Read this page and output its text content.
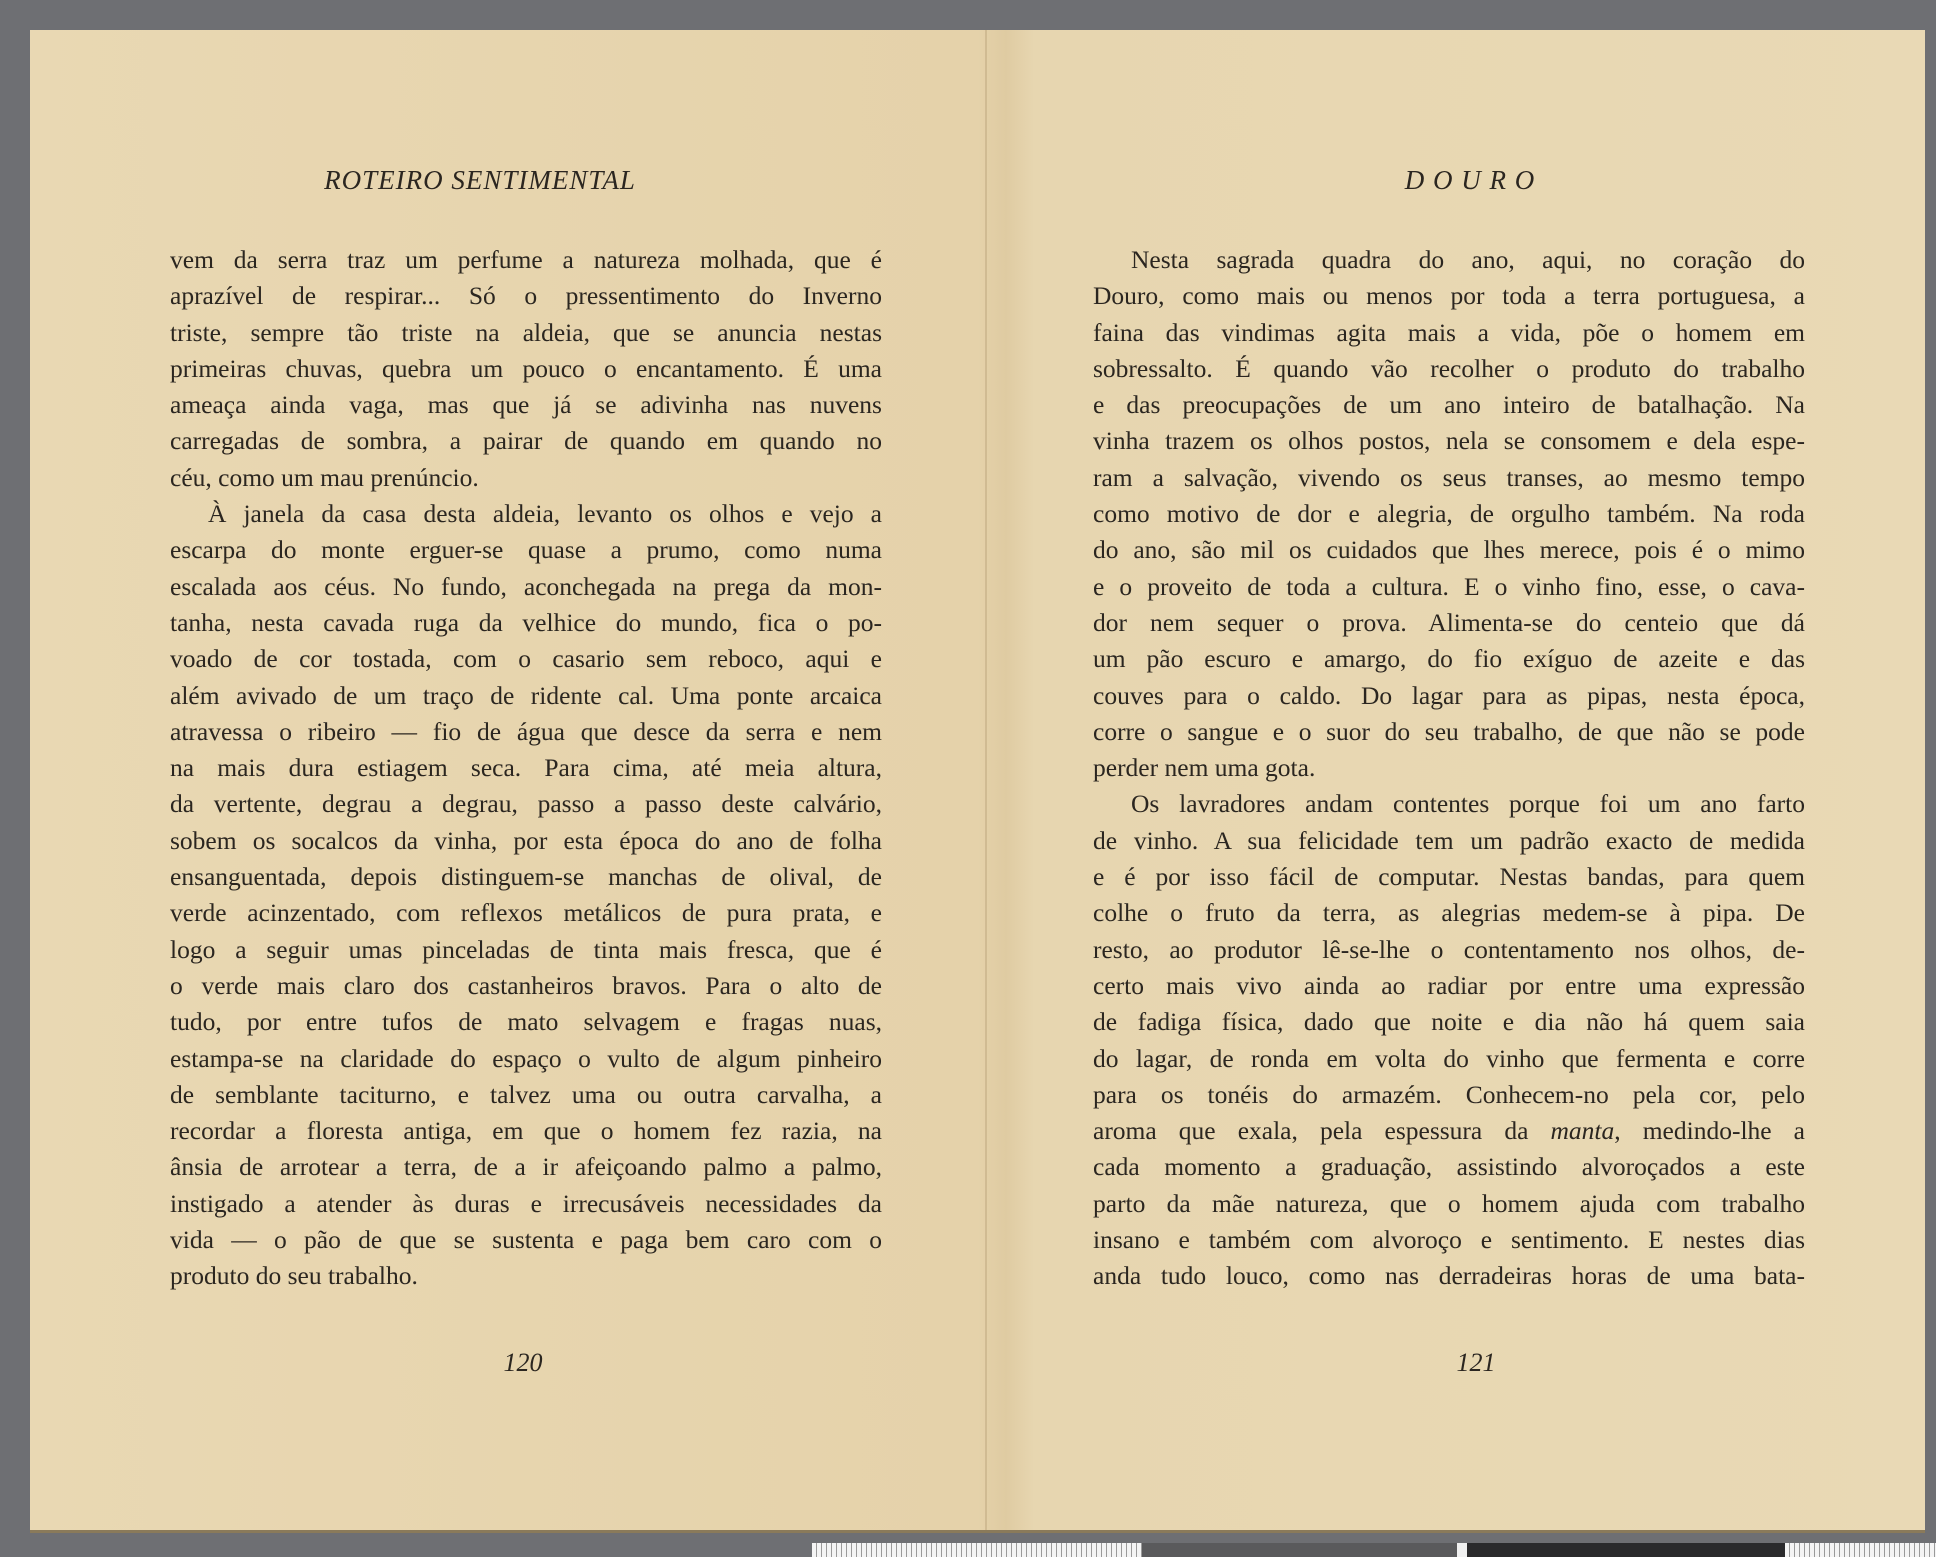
ROTEIRO SENTIMENTAL
vem da serra traz um perfume a natureza molhada, que é
aprazível de respirar... Só o pressentimento do Inverno
triste, sempre tão triste na aldeia, que se anuncia nestas
primeiras chuvas, quebra um pouco o encantamento. É uma
ameaça ainda vaga, mas que já se adivinha nas nuvens
carregadas de sombra, a pairar de quando em quando no
céu, como um mau prenúncio.
À janela da casa desta aldeia, levanto os olhos e vejo a
escarpa do monte erguer-se quase a prumo, como numa
escalada aos céus. No fundo, aconchegada na prega da mon-
tanha, nesta cavada ruga da velhice do mundo, fica o po-
voado de cor tostada, com o casario sem reboco, aqui e
além avivado de um traço de ridente cal. Uma ponte arcaica
atravessa o ribeiro — fio de água que desce da serra e nem
na mais dura estiagem seca. Para cima, até meia altura,
da vertente, degrau a degrau, passo a passo deste calvário,
sobem os socalcos da vinha, por esta época do ano de folha
ensanguentada, depois distinguem-se manchas de olival, de
verde acinzentado, com reflexos metálicos de pura prata, e
logo a seguir umas pinceladas de tinta mais fresca, que é
o verde mais claro dos castanheiros bravos. Para o alto de
tudo, por entre tufos de mato selvagem e fragas nuas,
estampa-se na claridade do espaço o vulto de algum pinheiro
de semblante taciturno, e talvez uma ou outra carvalha, a
recordar a floresta antiga, em que o homem fez razia, na
ânsia de arrotear a terra, de a ir afeiçoando palmo a palmo,
instigado a atender às duras e irrecusáveis necessidades da
vida — o pão de que se sustenta e paga bem caro com o
produto do seu trabalho.
120
D O U R O
Nesta sagrada quadra do ano, aqui, no coração do
Douro, como mais ou menos por toda a terra portuguesa, a
faina das vindimas agita mais a vida, põe o homem em
sobressalto. É quando vão recolher o produto do trabalho
e das preocupações de um ano inteiro de batalhação. Na
vinha trazem os olhos postos, nela se consomem e dela espe-
ram a salvação, vivendo os seus transes, ao mesmo tempo
como motivo de dor e alegria, de orgulho também. Na roda
do ano, são mil os cuidados que lhes merece, pois é o mimo
e o proveito de toda a cultura. E o vinho fino, esse, o cava-
dor nem sequer o prova. Alimenta-se do centeio que dá
um pão escuro e amargo, do fio exíguo de azeite e das
couves para o caldo. Do lagar para as pipas, nesta época,
corre o sangue e o suor do seu trabalho, de que não se pode
perder nem uma gota.
Os lavradores andam contentes porque foi um ano farto
de vinho. A sua felicidade tem um padrão exacto de medida
e é por isso fácil de computar. Nestas bandas, para quem
colhe o fruto da terra, as alegrias medem-se à pipa. De
resto, ao produtor lê-se-lhe o contentamento nos olhos, de-
certo mais vivo ainda ao radiar por entre uma expressão
de fadiga física, dado que noite e dia não há quem saia
do lagar, de ronda em volta do vinho que fermenta e corre
para os tonéis do armazém. Conhecem-no pela cor, pelo
aroma que exala, pela espessura da manta, medindo-lhe a
cada momento a graduação, assistindo alvoroçados a este
parto da mãe natureza, que o homem ajuda com trabalho
insano e também com alvoroço e sentimento. E nestes dias
anda tudo louco, como nas derradeiras horas de uma bata-
121
